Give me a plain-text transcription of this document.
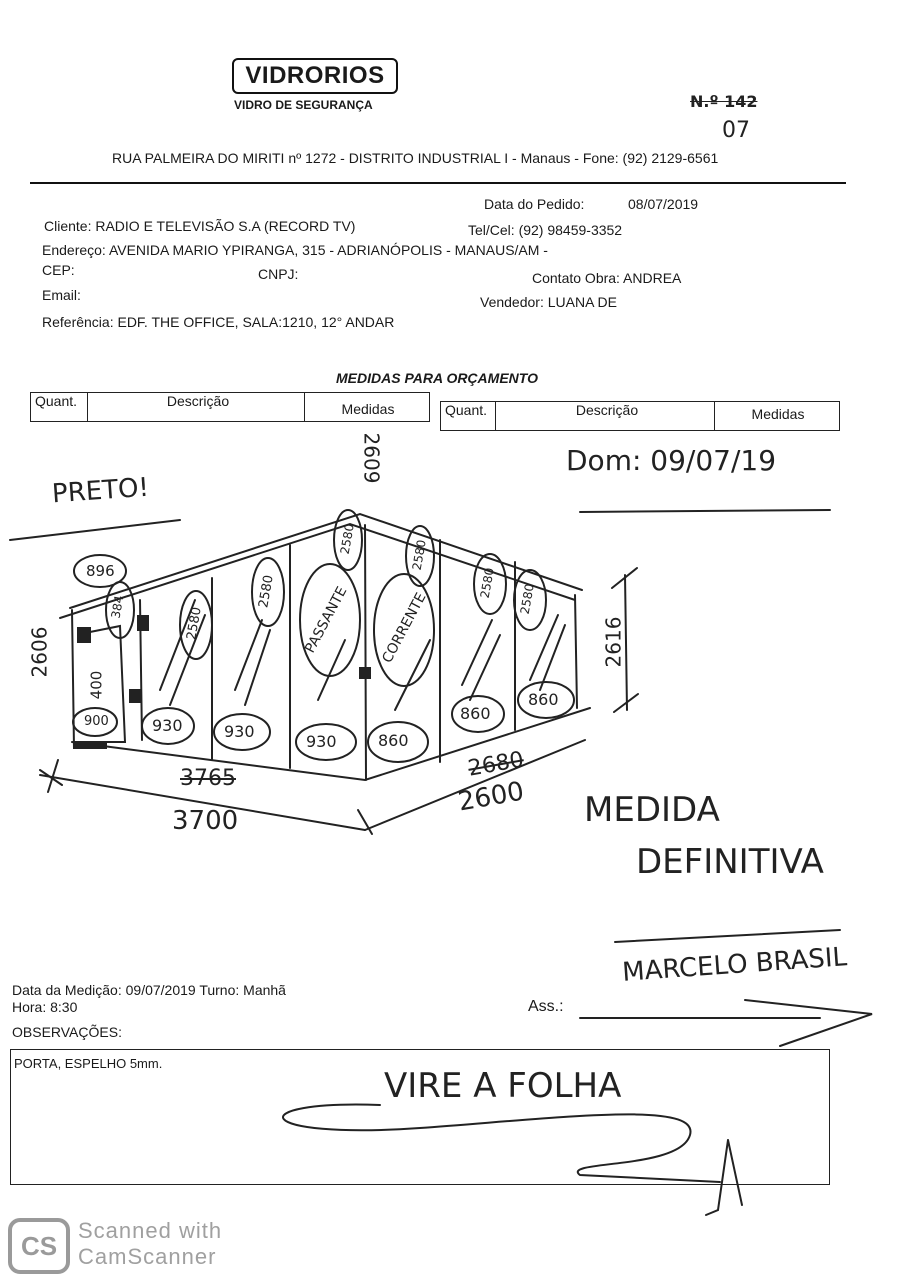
VIDRORIOS
VIDRO DE SEGURANÇA	N.º 142
07
RUA PALMEIRA DO MIRITI nº 1272 - DISTRITO INDUSTRIAL I - Manaus - Fone: (92) 2129-6561
Data do Pedido:	08/07/2019
Cliente: RADIO E TELEVISÃO S.A (RECORD TV)	Tel/Cel: (92) 98459-3352
Endereço: AVENIDA MARIO YPIRANGA, 315 - ADRIANÓPOLIS - MANAUS/AM -
CEP:	CNPJ:	Contato Obra: ANDREA
Email:	Vendedor: LUANA DE
Referência: EDF. THE OFFICE, SALA:1210, 12° ANDAR
MEDIDAS PARA ORÇAMENTO
Quant.	Descrição	Medidas	Quant.	Descrição	Medidas
PRETO!
Dom: 09/07/19
2606
2609
2616
896
384
400
900
2580
2580
2580	2580
2580 2580
PASSANTE CORRENTE
930	930
930	860
860
860
3765
3700
2680
2600 MEDIDA
DEFINITIVA
MARCELO BRASIL
Data da Medição: 09/07/2019 Turno: Manhã
Hora: 8:30	Ass.:
OBSERVAÇÕES:
PORTA, ESPELHO 5mm.
VIRE A FOLHA
CS
Scanned with
CamScanner
